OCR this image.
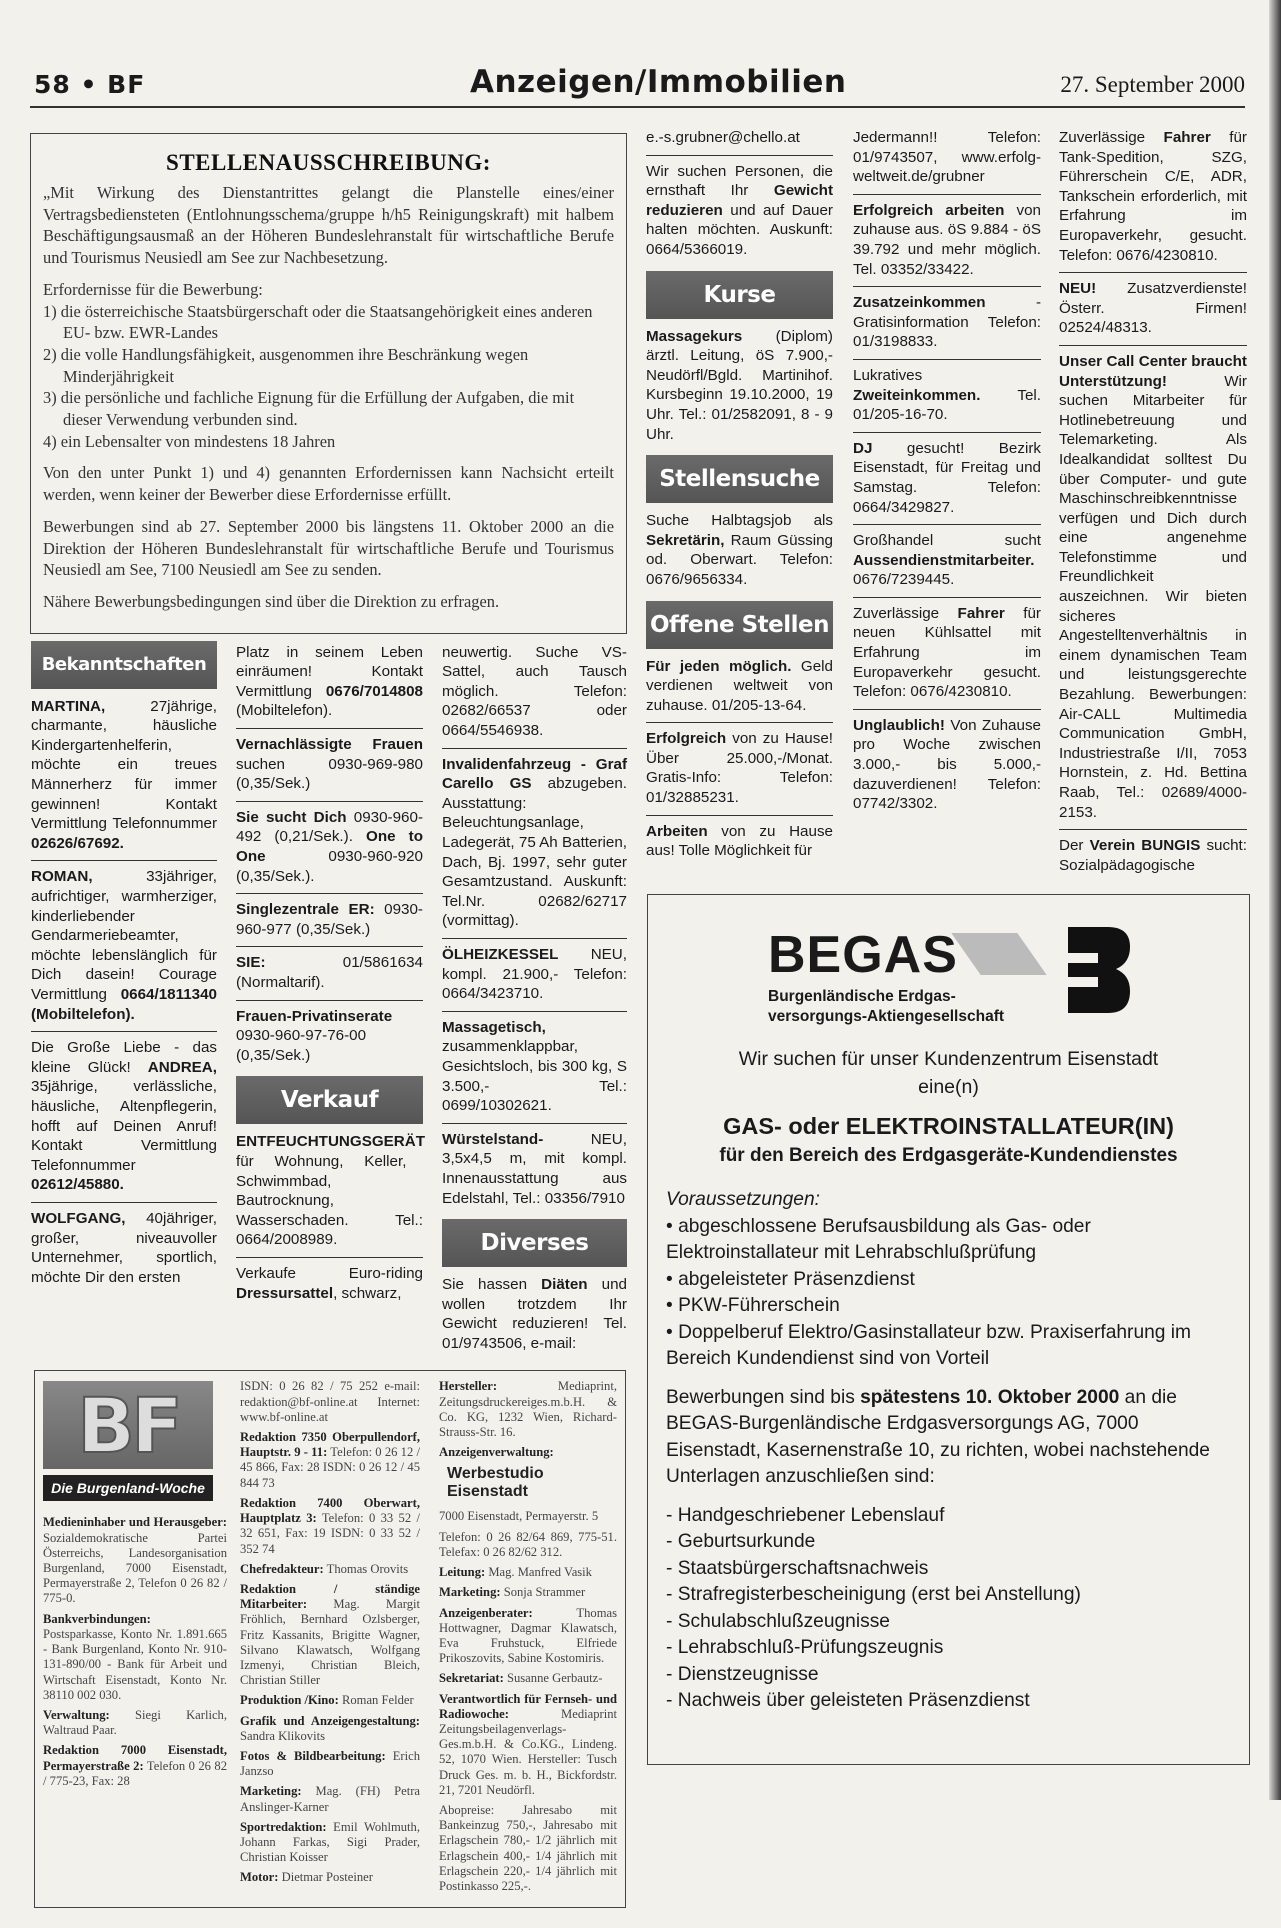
58 • BF	Anzeigen/Immobilien	27. September 2000
STELLENAUSSCHREIBUNG:

„Mit Wirkung des Dienstantrittes gelangt die Planstelle eines/einer Vertragsbediensteten (Entlohnungsschema/gruppe h/h5 Reinigungskraft) mit halbem Beschäftigungsausmaß an der Höheren Bundeslehranstalt für wirtschaftliche Berufe und Tourismus Neusiedl am See zur Nachbesetzung.

Erfordernisse für die Bewerbung:
1) die österreichische Staatsbürgerschaft oder die Staatsangehörigkeit eines anderen EU- bzw. EWR-Landes
2) die volle Handlungsfähigkeit, ausgenommen ihre Beschränkung wegen Minderjährigkeit
3) die persönliche und fachliche Eignung für die Erfüllung der Aufgaben, die mit dieser Verwendung verbunden sind.
4) ein Lebensalter von mindestens 18 Jahren

Von den unter Punkt 1) und 4) genannten Erfordernissen kann Nachsicht erteilt werden, wenn keiner der Bewerber diese Erfordernisse erfüllt.

Bewerbungen sind ab 27. September 2000 bis längstens 11. Oktober 2000 an die Direktion der Höheren Bundeslehranstalt für wirtschaftliche Berufe und Tourismus Neusiedl am See, 7100 Neusiedl am See zu senden.

Nähere Bewerbungsbedingungen sind über die Direktion zu erfragen.

Bekanntschaften
MARTINA, 27jährige, charmante, häusliche Kindergartenhelferin, möchte ein treues Männerherz für immer gewinnen! Kontakt Vermittlung Telefonnummer 02626/67692.
ROMAN, 33jähriger, aufrichtiger, warmherziger, kinderliebender Gendarmeriebeamter, möchte lebenslänglich für Dich dasein! Courage Vermittlung 0664/1811340 (Mobiltelefon).
Die Große Liebe - das kleine Glück! ANDREA, 35jährige, verlässliche, häusliche, Altenpflegerin, hofft auf Deinen Anruf! Kontakt Vermittlung Telefonnummer 02612/45880.
WOLFGANG, 40jähriger, großer, niveauvoller Unternehmer, sportlich, möchte Dir den ersten
Platz in seinem Leben einräumen! Kontakt Vermittlung 0676/7014808 (Mobiltelefon).
Vernachlässigte Frauen suchen 0930-969-980 (0,35/Sek.)
Sie sucht Dich 0930-960-492 (0,21/Sek.). One to One 0930-960-920 (0,35/Sek.).
Singlezentrale ER: 0930-960-977 (0,35/Sek.)
SIE: 01/5861634 (Normaltarif).
Frauen-Privatinserate 0930-960-97-76-00 (0,35/Sek.)
Verkauf
ENTFEUCHTUNGSGERÄT für Wohnung, Keller, Schwimmbad, Bautrocknung, Wasserschaden. Tel.: 0664/2008989.
Verkaufe Euro-riding Dressursattel, schwarz,
neuwertig. Suche VS-Sattel, auch Tausch möglich. Telefon: 02682/66537 oder 0664/5546938.
Invalidenfahrzeug - Graf Carello GS abzugeben. Ausstattung: Beleuchtungsanlage, Ladegerät, 75 Ah Batterien, Dach, Bj. 1997, sehr guter Gesamtzustand. Auskunft: Tel.Nr. 02682/62717 (vormittag).
ÖLHEIZKESSEL NEU, kompl. 21.900,- Telefon: 0664/3423710.
Massagetisch, zusammenklappbar, Gesichtsloch, bis 300 kg, S 3.500,- Tel.: 0699/10302621.
Würstelstand- NEU, 3,5x4,5 m, mit kompl. Innenausstattung aus Edelstahl, Tel.: 03356/7910
Diverses
Sie hassen Diäten und wollen trotzdem Ihr Gewicht reduzieren! Tel. 01/9743506, e-mail:
BF
Die Burgenland-Woche
Medieninhaber und Herausgeber: Sozialdemokratische Partei Österreichs, Landesorganisation Burgenland, 7000 Eisenstadt, Permayerstraße 2, Telefon 0 26 82 / 775-0.
Bankverbindungen: Postsparkasse, Konto Nr. 1.891.665 - Bank Burgenland, Konto Nr. 910-131-890/00 - Bank für Arbeit und Wirtschaft Eisenstadt, Konto Nr. 38110 002 030.
Verwaltung: Siegi Karlich, Waltraud Paar.
Redaktion 7000 Eisenstadt, Permayerstraße 2: Telefon 0 26 82 / 775-23, Fax: 28
ISDN: 0 26 82 / 75 252 e-mail: redaktion@bf-online.at Internet: www.bf-online.at
Redaktion 7350 Oberpullendorf, Hauptstr. 9 - 11: Telefon: 0 26 12 / 45 866, Fax: 28 ISDN: 0 26 12 / 45 844 73
Redaktion 7400 Oberwart, Hauptplatz 3: Telefon: 0 33 52 / 32 651, Fax: 19 ISDN: 0 33 52 / 352 74
Chefredakteur: Thomas Orovits
Redaktion / ständige Mitarbeiter: Mag. Margit Fröhlich, Bernhard Ozlsberger, Fritz Kassanits, Brigitte Wagner, Silvano Klawatsch, Wolfgang Izmenyi, Christian Bleich, Christian Stiller
Produktion /Kino: Roman Felder
Grafik und Anzeigengestaltung: Sandra Klikovits
Fotos & Bildbearbeitung: Erich Janzso
Marketing: Mag. (FH) Petra Anslinger-Karner
Sportredaktion: Emil Wohlmuth, Johann Farkas, Sigi Prader, Christian Koisser
Motor: Dietmar Posteiner
Hersteller: Mediaprint, Zeitungsdruckereiges.m.b.H. & Co. KG, 1232 Wien, Richard-Strauss-Str. 16.
Anzeigenverwaltung:
Werbestudio Eisenstadt
7000 Eisenstadt, Permayerstr. 5
Telefon: 0 26 82/64 869, 775-51. Telefax: 0 26 82/62 312.
Leitung: Mag. Manfred Vasik
Marketing: Sonja Strammer
Anzeigenberater: Thomas Hottwagner, Dagmar Klawatsch, Eva Fruhstuck, Elfriede Prikoszovits, Sabine Kostomiris.
Sekretariat: Susanne Gerbautz-
Verantwortlich für Fernseh- und Radiowoche: Mediaprint Zeitungsbeilagenverlags-Ges.m.b.H. & Co.KG., Lindeng. 52, 1070 Wien. Hersteller: Tusch Druck Ges. m. b. H., Bickfordstr. 21, 7201 Neudörfl.
Abopreise: Jahresabo mit Bankeinzug 750,-, Jahresabo mit Erlagschein 780,- 1/2 jährlich mit Erlagschein 400,- 1/4 jährlich mit Erlagschein 220,- 1/4 jährlich mit Postinkasso 225,-.
e.-s.grubner@chello.at
Wir suchen Personen, die ernsthaft Ihr Gewicht reduzieren und auf Dauer halten möchten. Auskunft: 0664/5366019.
Kurse
Massagekurs (Diplom) ärztl. Leitung, öS 7.900,- Neudörfl/Bgld. Martinihof. Kursbeginn 19.10.2000, 19 Uhr. Tel.: 01/2582091, 8 - 9 Uhr.
Stellensuche
Suche Halbtagsjob als Sekretärin, Raum Güssing od. Oberwart. Telefon: 0676/9656334.
Offene Stellen
Für jeden möglich. Geld verdienen weltweit von zuhause. 01/205-13-64.
Erfolgreich von zu Hause! Über 25.000,-/Monat. Gratis-Info: Telefon: 01/32885231.
Arbeiten von zu Hause aus! Tolle Möglichkeit für
Jedermann!! Telefon: 01/9743507, www.erfolg-weltweit.de/grubner
Erfolgreich arbeiten von zuhause aus. öS 9.884 - öS 39.792 und mehr möglich. Tel. 03352/33422.
Zusatzeinkommen - Gratisinformation Telefon: 01/3198833.
Lukratives Zweiteinkommen. Tel. 01/205-16-70.
DJ gesucht! Bezirk Eisenstadt, für Freitag und Samstag. Telefon: 0664/3429827.
Großhandel sucht Aussendienstmitarbeiter. 0676/7239445.
Zuverlässige Fahrer für neuen Kühlsattel mit Erfahrung im Europaverkehr gesucht. Telefon: 0676/4230810.
Unglaublich! Von Zuhause pro Woche zwischen 3.000,- bis 5.000,- dazuverdienen! Telefon: 07742/3302.
Zuverlässige Fahrer für Tank-Spedition, SZG, Führerschein C/E, ADR, Tankschein erforderlich, mit Erfahrung im Europaverkehr, gesucht. Telefon: 0676/4230810.
NEU! Zusatzverdienste! Österr. Firmen! 02524/48313.
Unser Call Center braucht Unterstützung! Wir suchen Mitarbeiter für Hotlinebetreuung und Telemarketing. Als Idealkandidat solltest Du über Computer- und gute Maschinschreibkenntnisse verfügen und Dich durch eine angenehme Telefonstimme und Freundlichkeit auszeichnen. Wir bieten sicheres Angestelltenverhältnis in einem dynamischen Team und leistungsgerechte Bezahlung. Bewerbungen: Air-CALL Multimedia Communication GmbH, Industriestraße I/II, 7053 Hornstein, z. Hd. Bettina Raab, Tel.: 02689/4000-2153.
Der Verein BUNGIS sucht: Sozialpädagogische
BEGAS
Burgenländische Erdgas-
versorgungs-Aktiengesellschaft
Wir suchen für unser Kundenzentrum Eisenstadt
eine(n)
GAS- oder ELEKTROINSTALLATEUR(IN)
für den Bereich des Erdgasgeräte-Kundendienstes
Voraussetzungen:
• abgeschlossene Berufsausbildung als Gas- oder Elektroinstallateur mit Lehrabschlußprüfung
• abgeleisteter Präsenzdienst
• PKW-Führerschein
• Doppelberuf Elektro/Gasinstallateur bzw. Praxiserfahrung im Bereich Kundendienst sind von Vorteil

Bewerbungen sind bis spätestens 10. Oktober 2000 an die BEGAS-Burgenländische Erdgasversorgungs AG, 7000 Eisenstadt, Kasernenstraße 10, zu richten, wobei nachstehende Unterlagen anzuschließen sind:

- Handgeschriebener Lebenslauf
- Geburtsurkunde
- Staatsbürgerschaftsnachweis
- Strafregisterbescheinigung (erst bei Anstellung)
- Schulabschlußzeugnisse
- Lehrabschluß-Prüfungszeugnis
- Dienstzeugnisse
- Nachweis über geleisteten Präsenzdienst
